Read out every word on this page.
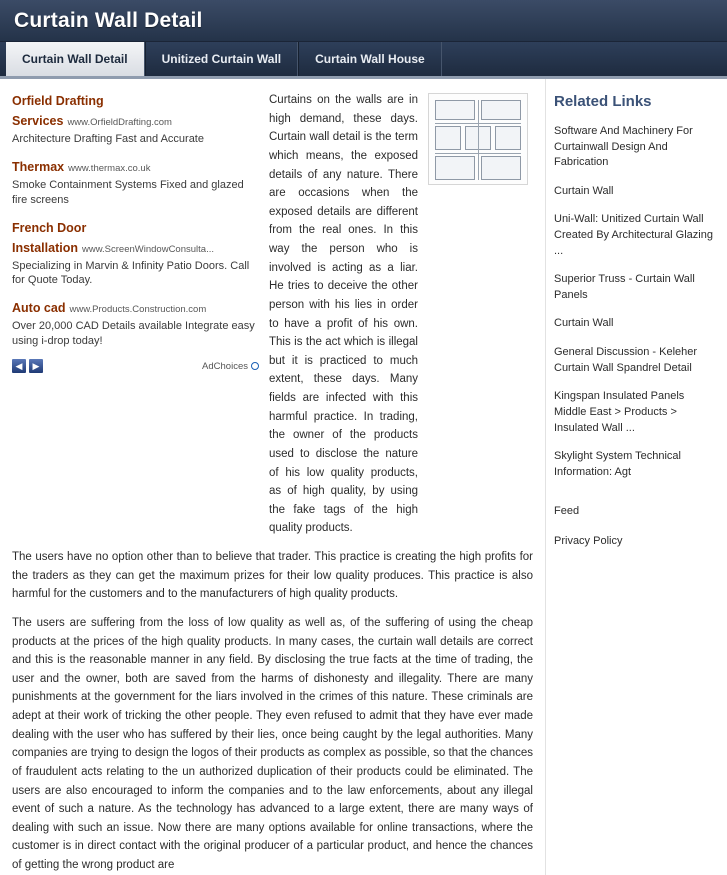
Curtain Wall Detail
Curtain Wall Detail	Unitized Curtain Wall	Curtain Wall House
Orfield Drafting Services www.OrfieldDrafting.com
Architecture Drafting Fast and Accurate
Thermax www.thermax.co.uk
Smoke Containment Systems Fixed and glazed fire screens
French Door Installation www.ScreenWindowConsulta...
Specializing in Marvin & Infinity Patio Doors. Call for Quote Today.
Auto cad www.Products.Construction.com
Over 20,000 CAD Details available Integrate easy using i-drop today!
◀	▶	AdChoices
Curtains on the walls are in high demand, these days. Curtain wall detail is the term which means, the exposed details of any nature. There are occasions when the exposed details are different from the real ones. In this way the person who is involved is acting as a liar. He tries to deceive the other person with his lies in order to have a profit of his own. This is the act which is illegal but it is practiced to much extent, these days. Many fields are infected with this harmful practice. In trading, the owner of the products used to disclose the nature of his low quality products, as of high quality, by using the fake tags of the high quality products.

The users have no option other than to believe that trader. This practice is creating the high profits for the traders as they can get the maximum prizes for their low quality produces. This practice is also harmful for the customers and to the manufacturers of high quality products.

The users are suffering from the loss of low quality as well as, of the suffering of using the cheap products at the prices of the high quality products. In many cases, the curtain wall details are correct and this is the reasonable manner in any field. By disclosing the true facts at the time of trading, the user and the owner, both are saved from the harms of dishonesty and illegality. There are many punishments at the government for the liars involved in the crimes of this nature. These criminals are adept at their work of tricking the other people. They even refused to admit that they have ever made dealing with the user who has suffered by their lies, once being caught by the legal authorities. Many companies are trying to design the logos of their products as complex as possible, so that the chances of fraudulent acts relating to the un authorized duplication of their products could be eliminated. The users are also encouraged to inform the companies and to the law enforcements, about any illegal event of such a nature. As the technology has advanced to a large extent, there are many ways of dealing with such an issue. Now there are many options available for online transactions, where the customer is in direct contact with the original producer of a particular product, and hence the chances of getting the wrong product are

Related Links
Software And Machinery For Curtainwall Design And Fabrication
Curtain Wall
Uni-Wall: Unitized Curtain Wall Created By Architectural Glazing ...
Superior Truss - Curtain Wall Panels
Curtain Wall
General Discussion - Keleher Curtain Wall Spandrel Detail
Kingspan Insulated Panels Middle East > Products > Insulated Wall ...
Skylight System Technical Information: Agt
Feed
Privacy Policy
